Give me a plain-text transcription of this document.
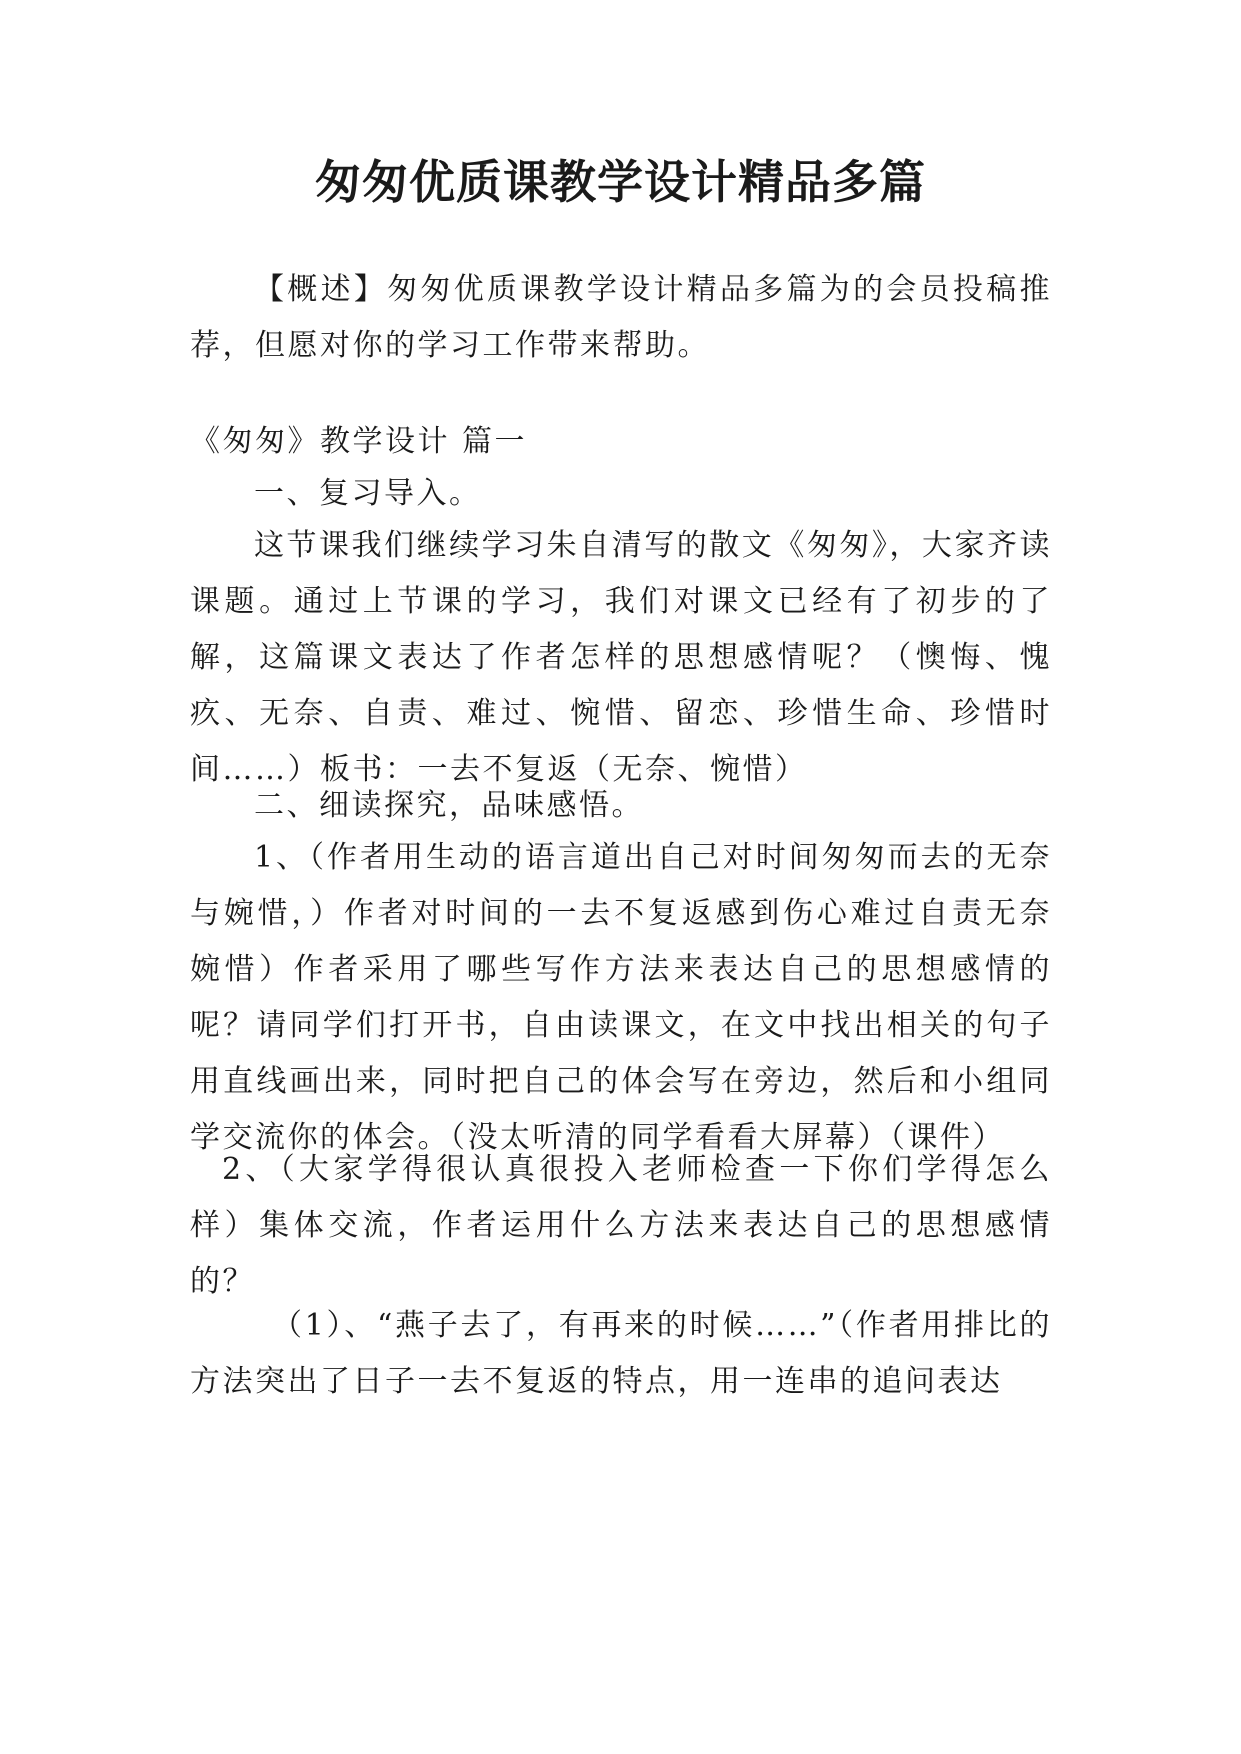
匆匆优质课教学设计精品多篇

【概述】匆匆优质课教学设计精品多篇为的会员投稿推荐，但愿对你的学习工作带来帮助。

《匆匆》教学设计 篇一

一、复习导入。

这节课我们继续学习朱自清写的散文《匆匆》，大家齐读课题。通过上节课的学习，我们对课文已经有了初步的了解，这篇课文表达了作者怎样的思想感情呢？（懊悔、愧疚、无奈、自责、难过、惋惜、留恋、珍惜生命、珍惜时间……）板书：一去不复返（无奈、惋惜）

二、细读探究，品味感悟。

1、（作者用生动的语言道出自己对时间匆匆而去的无奈与婉惜，）作者对时间的一去不复返感到伤心难过自责无奈婉惜）作者采用了哪些写作方法来表达自己的思想感情的呢？请同学们打开书，自由读课文，在文中找出相关的句子用直线画出来，同时把自己的体会写在旁边，然后和小组同学交流你的体会。（没太听清的同学看看大屏幕）（课件）

2、（大家学得很认真很投入老师检查一下你们学得怎么样）集体交流，作者运用什么方法来表达自己的思想感情的？

（1）、“燕子去了，有再来的时候……”（作者用排比的方法突出了日子一去不复返的特点，用一连串的追问表达
